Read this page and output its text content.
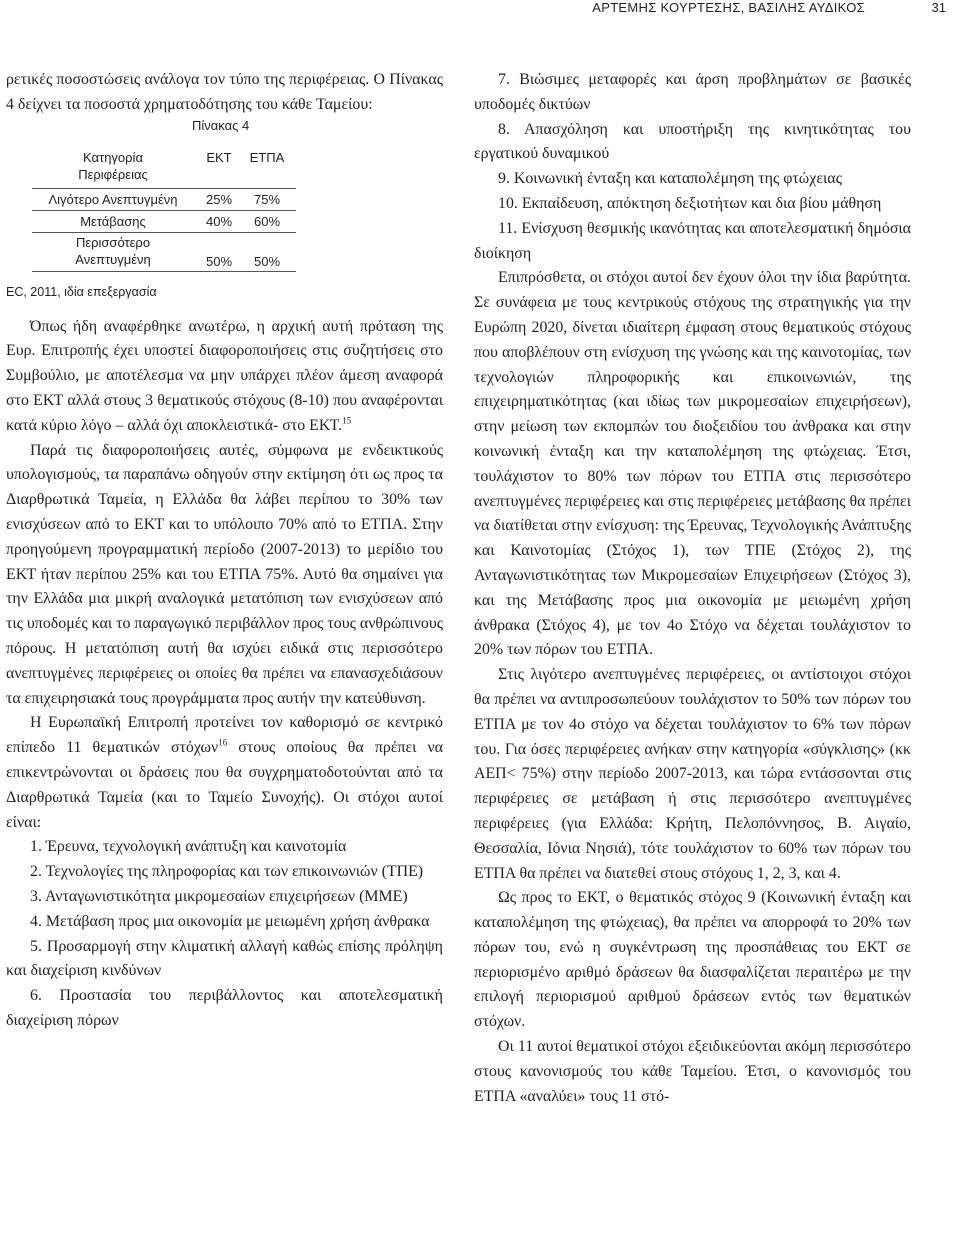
ΑΡΤΕΜΗΣ ΚΟΥΡΤΕΣΗΣ, ΒΑΣΙΛΗΣ ΑΥΔΙΚΟΣ	31

ρετικές ποσοστώσεις ανάλογα τον τύπο της περιφέρειας. Ο Πίνακας 4 δείχνει τα ποσοστά χρηματοδότησης του κάθε Ταμείου:

Πίνακας 4
Κατηγορία
Περιφέρειας
ΕΚΤ	ΕΤΠΑ
Λιγότερο Ανεπτυγμένη	25%	75%
Μετάβασης	40%	60%
Περισσότερο
Ανεπτυγμένη	50%	50%
EC, 2011, ιδία επεξεργασία

Όπως ήδη αναφέρθηκε ανωτέρω, η αρχική αυτή πρόταση της Ευρ. Επιτροπής έχει υποστεί διαφοροποιήσεις στις συζητήσεις στο Συμβούλιο, με αποτέλεσμα να μην υπάρχει πλέον άμεση αναφορά στο ΕΚΤ αλλά στους 3 θεματικούς στόχους (8-10) που αναφέρονται κατά κύριο λόγο – αλλά όχι αποκλειστικά- στο ΕΚΤ.$^{15}$

Παρά τις διαφοροποιήσεις αυτές, σύμφωνα με ενδεικτικούς υπολογισμούς, τα παραπάνω οδηγούν στην εκτίμηση ότι ως προς τα Διαρθρωτικά Ταμεία, η Ελλάδα θα λάβει περίπου το 30% των ενισχύσεων από το ΕΚΤ και το υπόλοιπο 70% από το ΕΤΠΑ. Στην προηγούμενη προγραμματική περίοδο (2007-2013) το μερίδιο του ΕΚΤ ήταν περίπου 25% και του ΕΤΠΑ 75%. Αυτό θα σημαίνει για την Ελλάδα μια μικρή αναλογικά μετατόπιση των ενισχύσεων από τις υποδομές και το παραγωγικό περιβάλλον προς τους ανθρώπινους πόρους. Η μετατόπιση αυτή θα ισχύει ειδικά στις περισσότερο ανεπτυγμένες περιφέρειες οι οποίες θα πρέπει να επανασχεδιάσουν τα επιχειρησιακά τους προγράμματα προς αυτήν την κατεύθυνση.

Η Ευρωπαϊκή Επιτροπή προτείνει τον καθορισμό σε κεντρικό επίπεδο 11 θεματικών στόχων$^{16}$ στους οποίους θα πρέπει να επικεντρώνονται οι δράσεις που θα συγχρηματοδοτούνται από τα Διαρθρωτικά Ταμεία (και το Ταμείο Συνοχής). Οι στόχοι αυτοί είναι:

1. Έρευνα, τεχνολογική ανάπτυξη και καινοτομία

2. Τεχνολογίες της πληροφορίας και των επικοινωνιών (ΤΠΕ)

3. Ανταγωνιστικότητα μικρομεσαίων επιχειρήσεων (ΜΜΕ)

4. Μετάβαση προς μια οικονομία με μειωμένη χρήση άνθρακα

5. Προσαρμογή στην κλιματική αλλαγή καθώς επίσης πρόληψη και διαχείριση κινδύνων

6. Προστασία του περιβάλλοντος και αποτελεσματική διαχείριση πόρων

7. Βιώσιμες μεταφορές και άρση προβλημάτων σε βασικές υποδομές δικτύων

8. Απασχόληση και υποστήριξη της κινητικότητας του εργατικού δυναμικού

9. Κοινωνική ένταξη και καταπολέμηση της φτώχειας

10. Εκπαίδευση, απόκτηση δεξιοτήτων και δια βίου μάθηση

11. Ενίσχυση θεσμικής ικανότητας και αποτελεσματική δημόσια διοίκηση

Επιπρόσθετα, οι στόχοι αυτοί δεν έχουν όλοι την ίδια βαρύτητα. Σε συνάφεια με τους κεντρικούς στόχους της στρατηγικής για την Ευρώπη 2020, δίνεται ιδιαίτερη έμφαση στους θεματικούς στόχους που αποβλέπουν στη ενίσχυση της γνώσης και της καινοτομίας, των τεχνολογιών πληροφορικής και επικοινωνιών, της επιχειρηματικότητας (και ιδίως των μικρομεσαίων επιχειρήσεων), στην μείωση των εκπομπών του διοξειδίου του άνθρακα και στην κοινωνική ένταξη και την καταπολέμηση της φτώχειας. Έτσι, τουλάχιστον το 80% των πόρων του ΕΤΠΑ στις περισσότερο ανεπτυγμένες περιφέρειες και στις περιφέρειες μετάβασης θα πρέπει να διατίθεται στην ενίσχυση: της Έρευνας, Τεχνολογικής Ανάπτυξης και Καινοτομίας (Στόχος 1), των ΤΠΕ (Στόχος 2), της Ανταγωνιστικότητας των Μικρομεσαίων Επιχειρήσεων (Στόχος 3), και της Μετάβασης προς μια οικονομία με μειωμένη χρήση άνθρακα (Στόχος 4), με τον 4ο Στόχο να δέχεται τουλάχιστον το 20% των πόρων του ΕΤΠΑ.

Στις λιγότερο ανεπτυγμένες περιφέρειες, οι αντίστοιχοι στόχοι θα πρέπει να αντιπροσωπεύουν τουλάχιστον το 50% των πόρων του ΕΤΠΑ με τον 4ο στόχο να δέχεται τουλάχιστον το 6% των πόρων του. Για όσες περιφέρειες ανήκαν στην κατηγορία «σύγκλισης» (κκ ΑΕΠ< 75%) στην περίοδο 2007-2013, και τώρα εντάσσονται στις περιφέρειες σε μετάβαση ή στις περισσότερο ανεπτυγμένες περιφέρειες (για Ελλάδα: Κρήτη, Πελοπόννησος, Β. Αιγαίο, Θεσσαλία, Ιόνια Νησιά), τότε τουλάχιστον το 60% των πόρων του ΕΤΠΑ θα πρέπει να διατεθεί στους στόχους 1, 2, 3, και 4.

Ως προς το ΕΚΤ, ο θεματικός στόχος 9 (Κοινωνική ένταξη και καταπολέμηση της φτώχειας), θα πρέπει να απορροφά το 20% των πόρων του, ενώ η συγκέντρωση της προσπάθειας του ΕΚΤ σε περιορισμένο αριθμό δράσεων θα διασφαλίζεται περαιτέρω με την επιλογή περιορισμού αριθμού δράσεων εντός των θεματικών στόχων.

Οι 11 αυτοί θεματικοί στόχοι εξειδικεύονται ακόμη περισσότερο στους κανονισμούς του κάθε Ταμείου. Έτσι, ο κανονισμός του ΕΤΠΑ «αναλύει» τους 11 στό-
